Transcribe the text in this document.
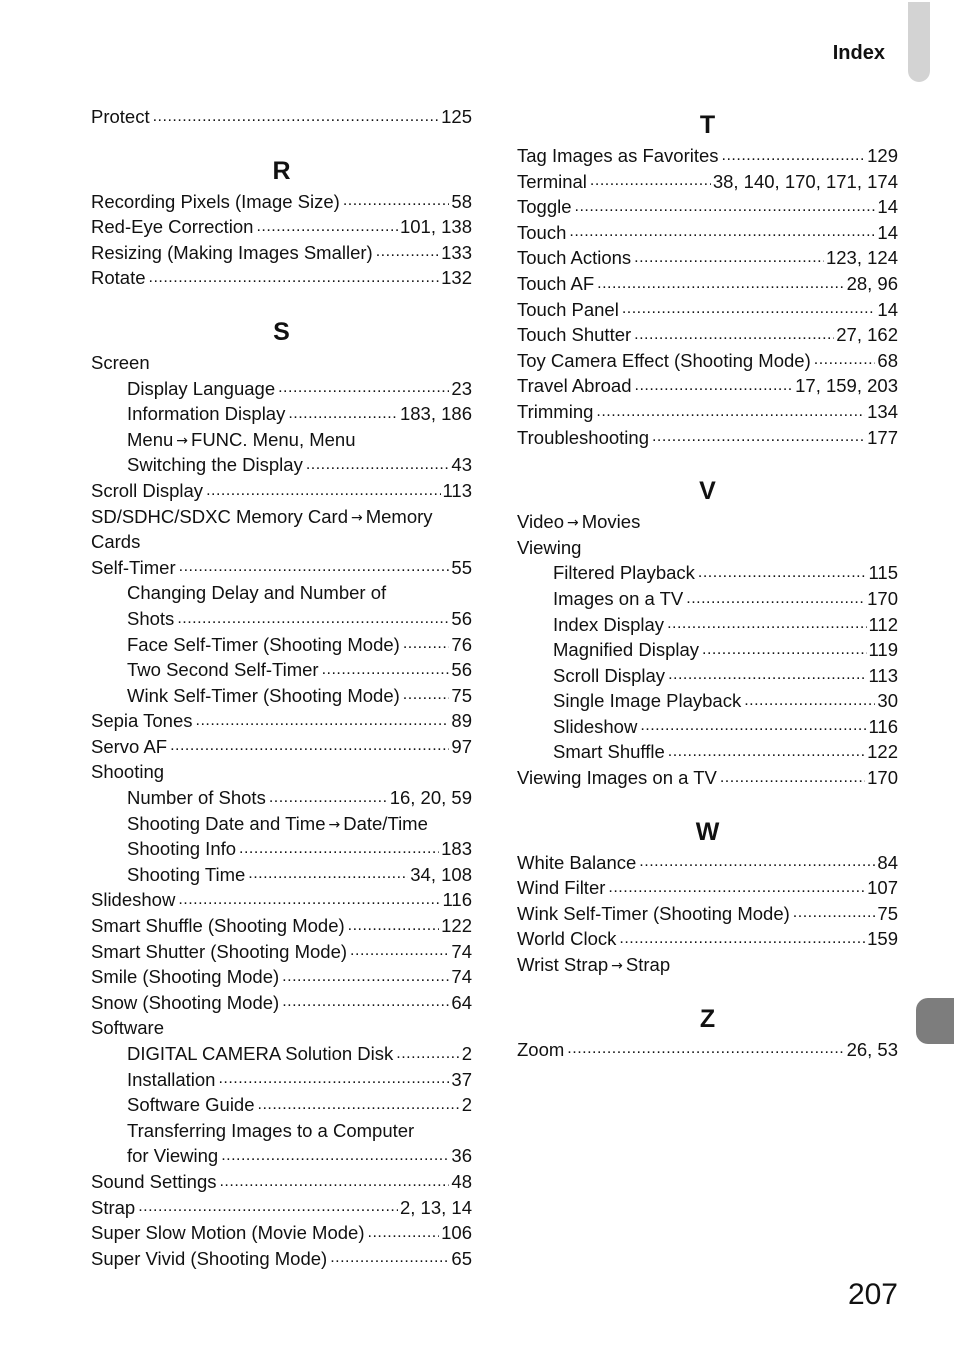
Index
Protect .....	125
R
Recording Pixels (Image Size) .....	58
Red-Eye Correction .....	101, 138
Resizing (Making Images Smaller) .....	133
Rotate .....	132
S
Screen
Display Language .....	23
Information Display .....	183, 186
Menu → FUNC. Menu, Menu
Switching the Display .....	43
Scroll Display .....	113
SD/SDHC/SDXC Memory Card → Memory
Cards
Self-Timer .....	55
Changing Delay and Number of
Shots .....	56
Face Self-Timer (Shooting Mode) .....	76
Two Second Self-Timer .....	56
Wink Self-Timer (Shooting Mode) .....	75
Sepia Tones .....	89
Servo AF .....	97
Shooting
Number of Shots .....	16, 20, 59
Shooting Date and Time → Date/Time
Shooting Info .....	183
Shooting Time .....	34, 108
Slideshow .....	116
Smart Shuffle (Shooting Mode) .....	122
Smart Shutter (Shooting Mode) .....	74
Smile (Shooting Mode) .....	74
Snow (Shooting Mode) .....	64
Software
DIGITAL CAMERA Solution Disk .....	2
Installation .....	37
Software Guide .....	2
Transferring Images to a Computer
for Viewing .....	36
Sound Settings .....	48
Strap .....	2, 13, 14
Super Slow Motion (Movie Mode) .....	106
Super Vivid (Shooting Mode) .....	65
T
Tag Images as Favorites .....	129
Terminal .....	38, 140, 170, 171, 174
Toggle .....	14
Touch .....	14
Touch Actions .....	123, 124
Touch AF .....	28, 96
Touch Panel .....	14
Touch Shutter .....	27, 162
Toy Camera Effect (Shooting Mode) .....	68
Travel Abroad .....	17, 159, 203
Trimming .....	134
Troubleshooting .....	177
V
Video → Movies
Viewing
Filtered Playback .....	115
Images on a TV .....	170
Index Display .....	112
Magnified Display .....	119
Scroll Display .....	113
Single Image Playback .....	30
Slideshow .....	116
Smart Shuffle .....	122
Viewing Images on a TV .....	170
W
White Balance .....	84
Wind Filter .....	107
Wink Self-Timer (Shooting Mode) .....	75
World Clock .....	159
Wrist Strap → Strap
Z
Zoom .....	26, 53
207
